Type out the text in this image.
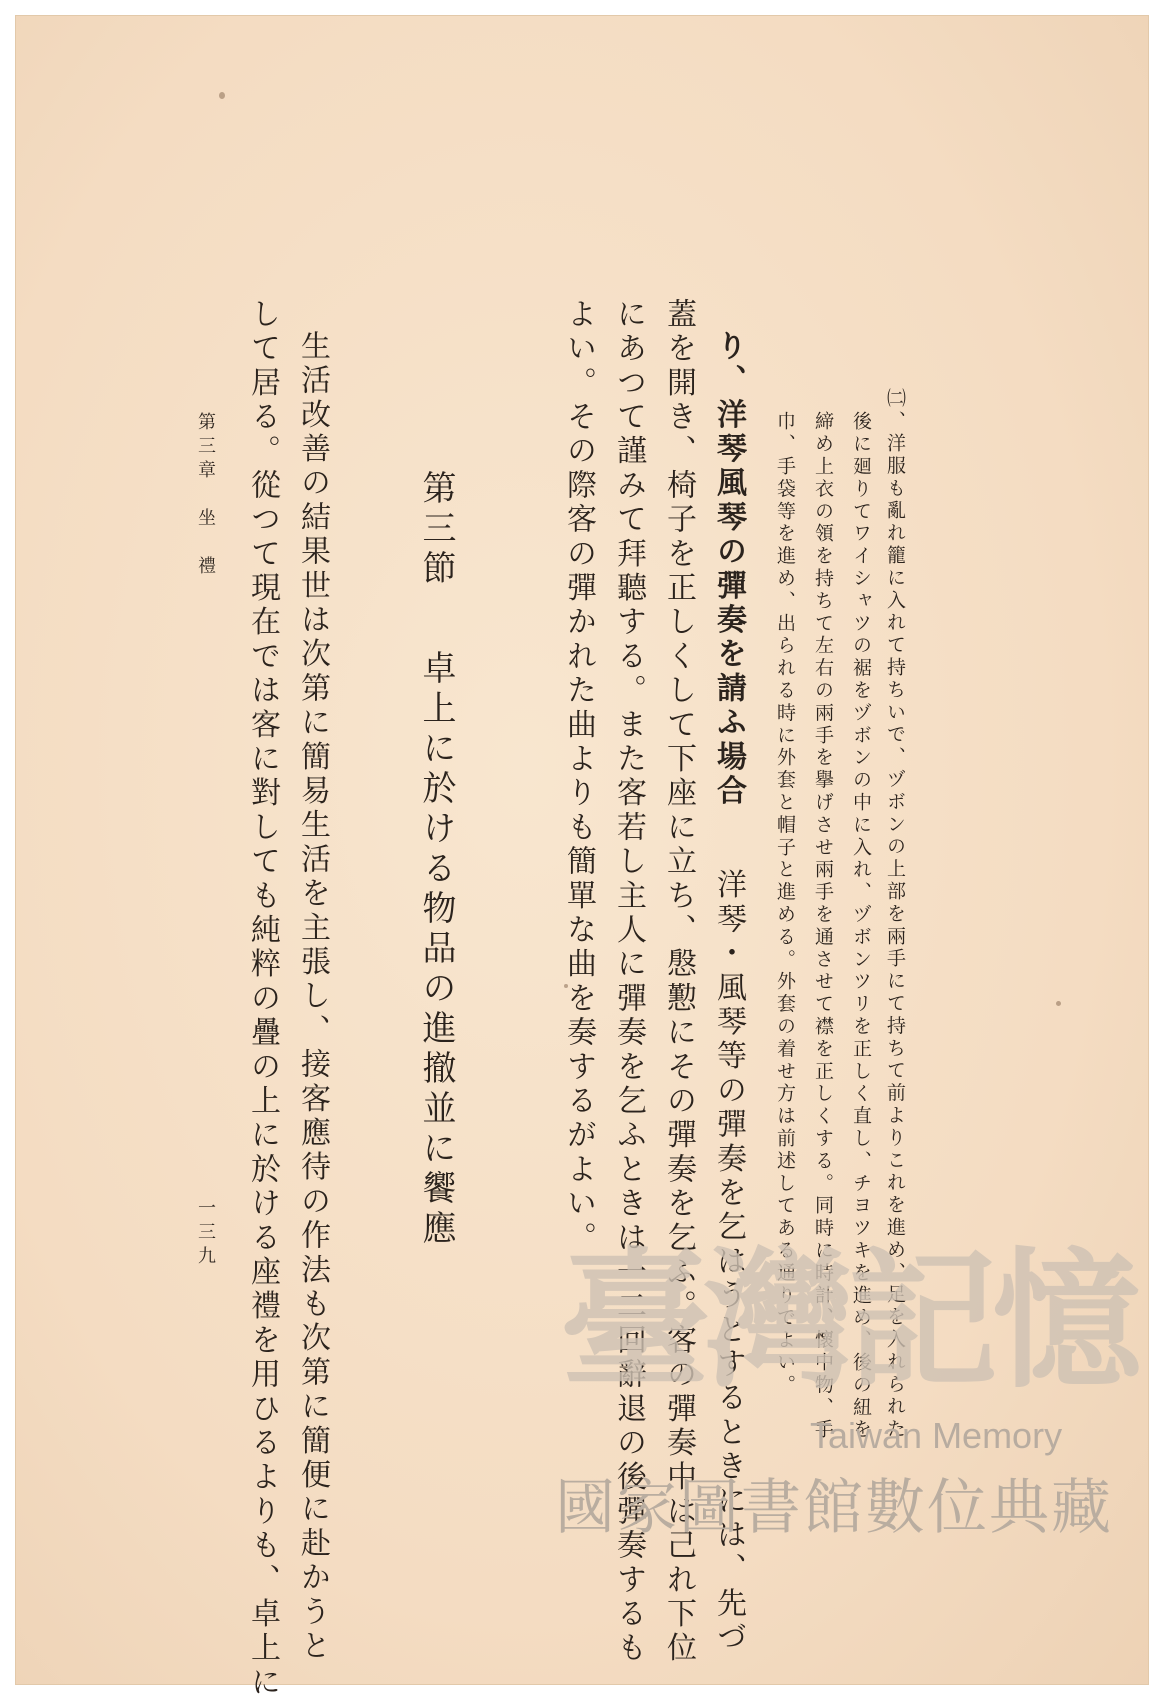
㈡、洋服も亂れ籠に入れて持ちいで、ヅボンの上部を兩手にて持ちて前よりこれを進め、足を入れられた
後に廻りてワイシャツの裾をヅボンの中に入れ、ヅボンツリを正しく直し、チヨツキを進め、後の紐を
締め上衣の領を持ちて左右の兩手を擧げさせ兩手を通させて襟を正しくする。同時に時計、懷中物、手
巾、手袋等を進め、出られる時に外套と帽子と進める。外套の着せ方は前述してある通りでよい。
り、洋琴風琴の彈奏を請ふ場合洋琴・風琴等の彈奏を乞はうとするときには、先づ
蓋を開き、椅子を正しくして下座に立ち、慇懃にその彈奏を乞ふ。客の彈奏中は己れ下位
にあつて謹みて拜聽する。また客若し主人に彈奏を乞ふときは一二回辭退の後彈奏するも
よい。その際客の彈かれた曲よりも簡單な曲を奏するがよい。
第三節卓上に於ける物品の進撤並に饗應
生活改善の結果世は次第に簡易生活を主張し、接客應待の作法も次第に簡便に赴かうと
して居る。從つて現在では客に對しても純粹の疊の上に於ける座禮を用ひるよりも、卓上に
第三章　坐　禮
一三九 臺灣記憶
Taiwan Memory
國家圖書館數位典藏
